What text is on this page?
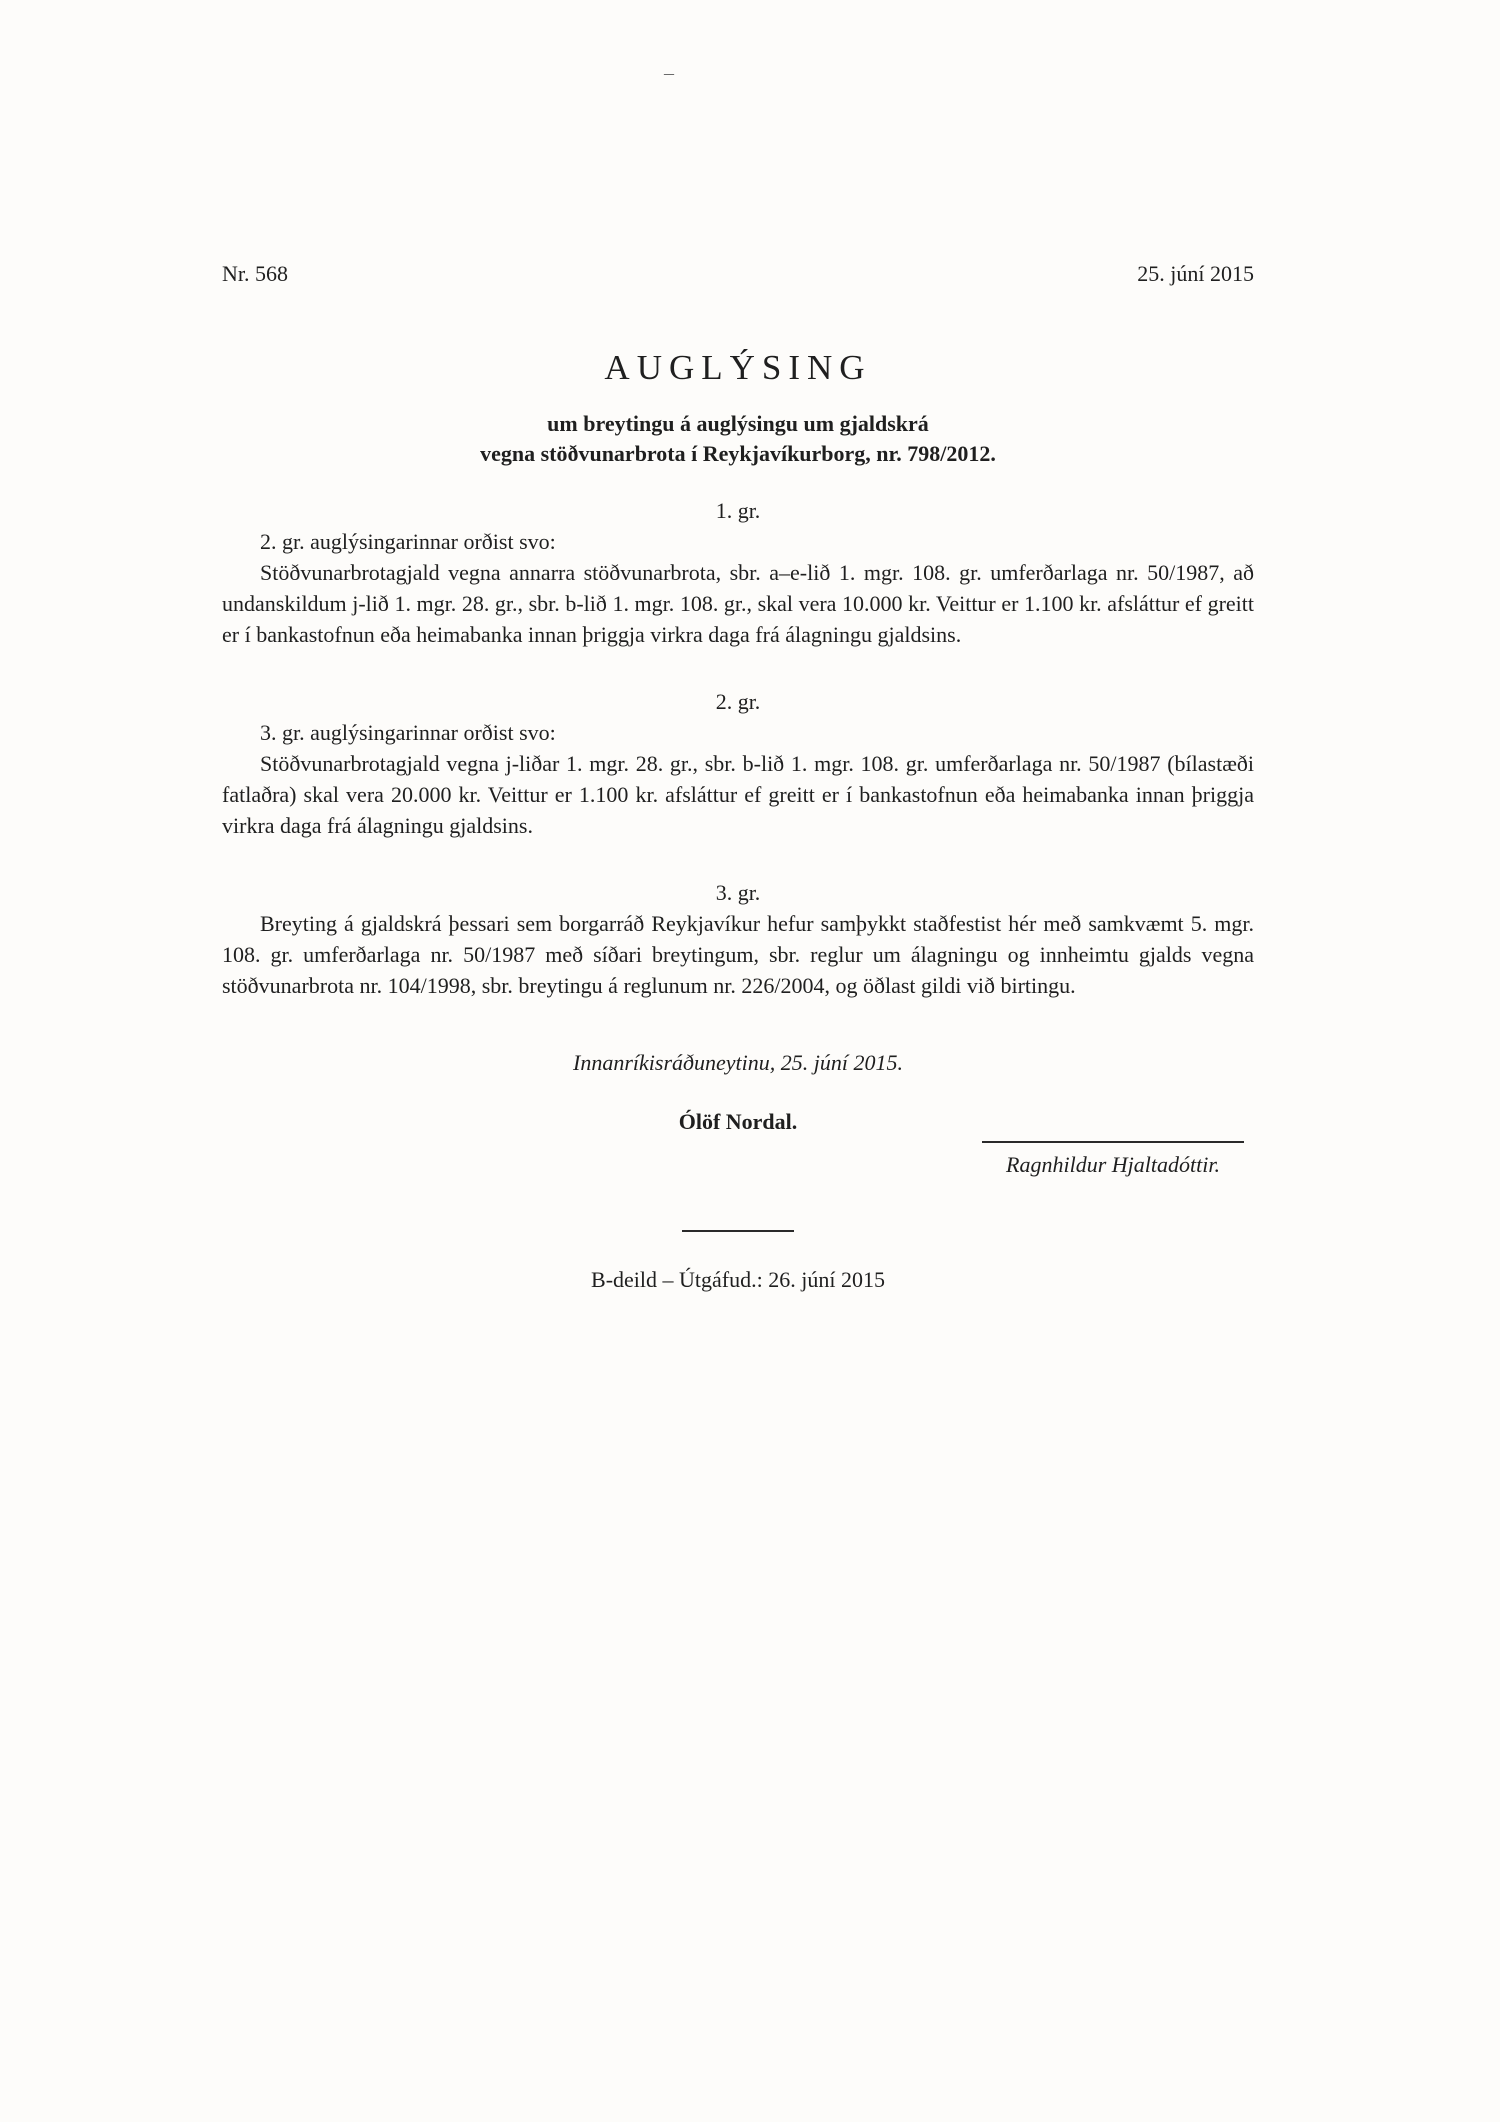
–
Nr. 568	25. júní 2015
AUGLÝSING
um breytingu á auglýsingu um gjaldskrá
vegna stöðvunarbrota í Reykjavíkurborg, nr. 798/2012.
1. gr.

2. gr. auglýsingarinnar orðist svo:

Stöðvunarbrotagjald vegna annarra stöðvunarbrota, sbr. a–e-lið 1. mgr. 108. gr. umferðarlaga nr. 50/1987, að undanskildum j-lið 1. mgr. 28. gr., sbr. b-lið 1. mgr. 108. gr., skal vera 10.000 kr. Veittur er 1.100 kr. afsláttur ef greitt er í bankastofnun eða heimabanka innan þriggja virkra daga frá álagningu gjaldsins.

2. gr.

3. gr. auglýsingarinnar orðist svo:

Stöðvunarbrotagjald vegna j-liðar 1. mgr. 28. gr., sbr. b-lið 1. mgr. 108. gr. umferðarlaga nr. 50/1987 (bílastæði fatlaðra) skal vera 20.000 kr. Veittur er 1.100 kr. afsláttur ef greitt er í bankastofnun eða heimabanka innan þriggja virkra daga frá álagningu gjaldsins.

3. gr.

Breyting á gjaldskrá þessari sem borgarráð Reykjavíkur hefur samþykkt staðfestist hér með samkvæmt 5. mgr. 108. gr. umferðarlaga nr. 50/1987 með síðari breytingum, sbr. reglur um álagningu og innheimtu gjalds vegna stöðvunarbrota nr. 104/1998, sbr. breytingu á reglunum nr. 226/2004, og öðlast gildi við birtingu.

Innanríkisráðuneytinu, 25. júní 2015.
Ólöf Nordal.
Ragnhildur Hjaltadóttir.
B-deild – Útgáfud.: 26. júní 2015
